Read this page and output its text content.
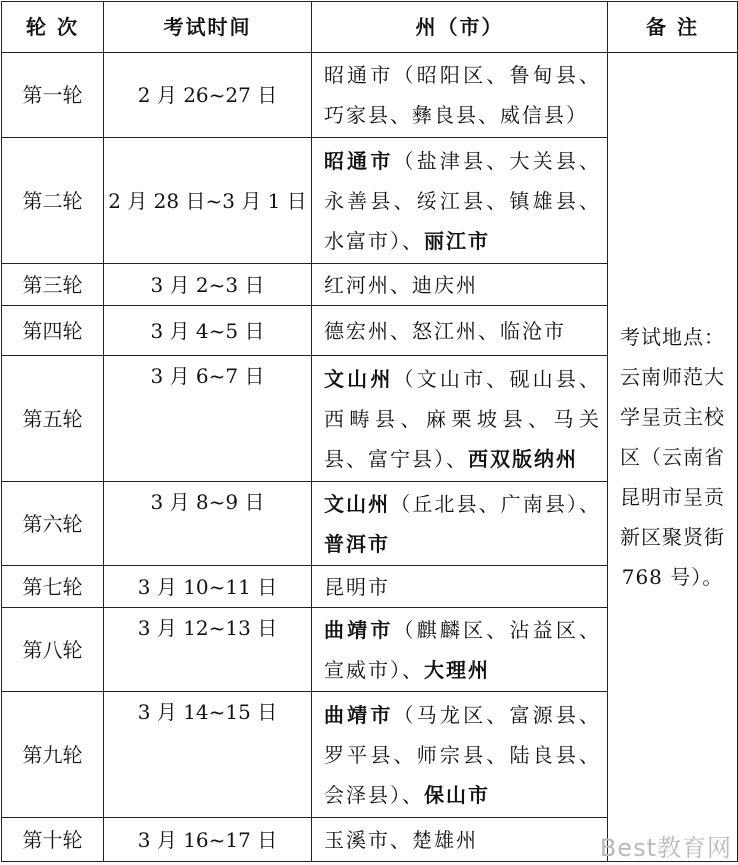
轮 次	考试时间	州（市）	备 注
第一轮	2 月 26~27 日	昭通市（昭阳区、鲁甸县、巧家县、彝良县、威信县）	考试地点：云南师范大学呈贡主校区（云南省昆明市呈贡新区聚贤街 768 号）。
第二轮	2 月 28 日~3 月 1 日	昭通市（盐津县、大关县、永善县、绥江县、镇雄县、水富市）、丽江市	
第三轮	3 月 2~3 日	红河州、迪庆州	
第四轮	3 月 4~5 日	德宏州、怒江州、临沧市	
第五轮	3 月 6~7 日	文山州（文山市、砚山县、西畴县、麻栗坡县、马关县、富宁县）、西双版纳州	
第六轮	3 月 8~9 日	文山州（丘北县、广南县）、普洱市	
第七轮	3 月 10~11 日	昆明市	
第八轮	3 月 12~13 日	曲靖市（麒麟区、沾益区、宣威市）、大理州	
第九轮	3 月 14~15 日	曲靖市（马龙区、富源县、罗平县、师宗县、陆良县、会泽县）、保山市	
第十轮	3 月 16~17 日	玉溪市、楚雄州		Best教育网
